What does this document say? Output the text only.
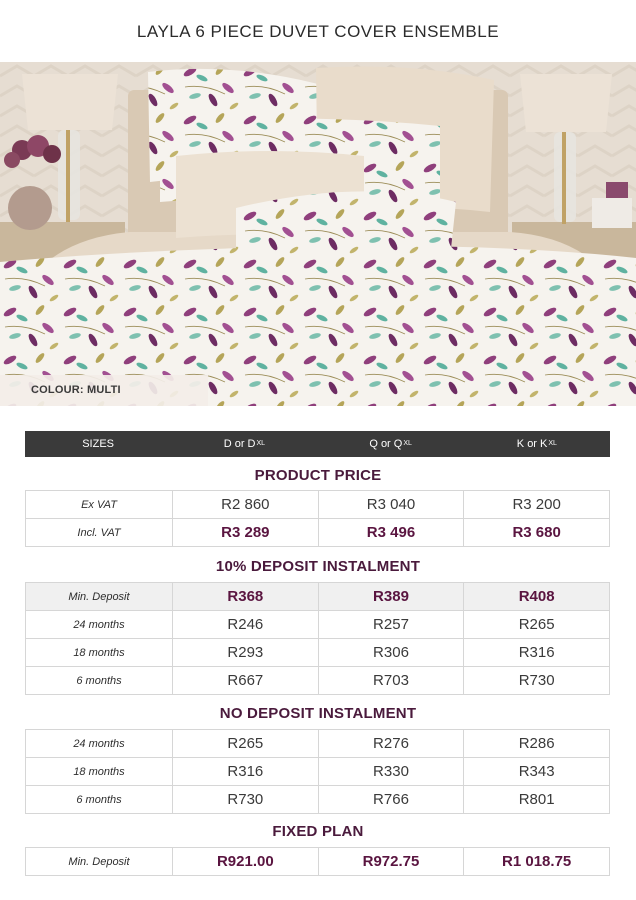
LAYLA 6 PIECE DUVET COVER ENSEMBLE
COLOUR: MULTI
SIZES	D or $D^{XL}$	Q or $Q^{XL}$	K or $K^{XL}$
PRODUCT PRICE
Ex VAT	R2 860	R3 040	R3 200
Incl. VAT	R3 289	R3 496	R3 680
10% DEPOSIT INSTALMENT
Min. Deposit	R368	R389	R408
24 months	R246	R257	R265
18 months	R293	R306	R316
6 months	R667	R703	R730
NO DEPOSIT INSTALMENT
24 months	R265	R276	R286
18 months	R316	R330	R343
6 months	R730	R766	R801
FIXED PLAN
Min. Deposit	R921.00	R972.75	R1 018.75
